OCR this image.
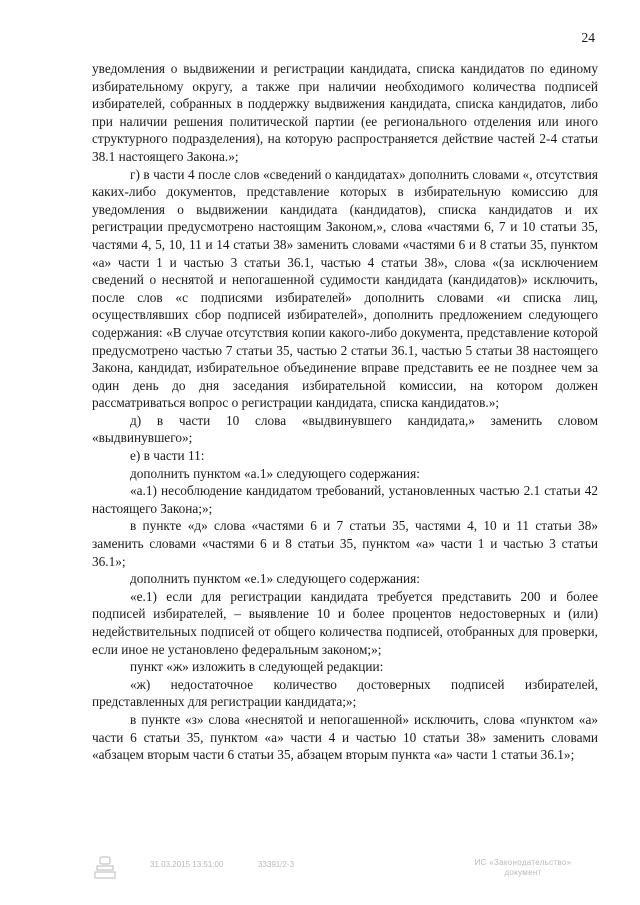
24

уведомления о выдвижении и регистрации кандидата, списка кандидатов по единому избирательному округу, а также при наличии необходимого количества подписей избирателей, собранных в поддержку выдвижения кандидата, списка кандидатов, либо при наличии решения политической партии (ее регионального отделения или иного структурного подразделения), на которую распространяется действие частей 2-4 статьи 38.1 настоящего Закона.»;

г) в части 4 после слов «сведений о кандидатах» дополнить словами «, отсутствия каких-либо документов, представление которых в избирательную комиссию для уведомления о выдвижении кандидата (кандидатов), списка кандидатов и их регистрации предусмотрено настоящим Законом,», слова «частями 6, 7 и 10 статьи 35, частями 4, 5, 10, 11 и 14 статьи 38» заменить словами «частями 6 и 8 статьи 35, пунктом «а» части 1 и частью 3 статьи 36.1, частью 4 статьи 38», слова «(за исключением сведений о неснятой и непогашенной судимости кандидата (кандидатов)» исключить, после слов «с подписями избирателей» дополнить словами «и списка лиц, осуществлявших сбор подписей избирателей», дополнить предложением следующего содержания: «В случае отсутствия копии какого-либо документа, представление которой предусмотрено частью 7 статьи 35, частью 2 статьи 36.1, частью 5 статьи 38 настоящего Закона, кандидат, избирательное объединение вправе представить ее не позднее чем за один день до дня заседания избирательной комиссии, на котором должен рассматриваться вопрос о регистрации кандидата, списка кандидатов.»;

д) в части 10 слова «выдвинувшего кандидата,» заменить словом «выдвинувшего»;

е) в части 11:

дополнить пунктом «а.1» следующего содержания:

«а.1) несоблюдение кандидатом требований, установленных частью 2.1 статьи 42 настоящего Закона;»;

в пункте «д» слова «частями 6 и 7 статьи 35, частями 4, 10 и 11 статьи 38» заменить словами «частями 6 и 8 статьи 35, пунктом «а» части 1 и частью 3 статьи 36.1»;

дополнить пунктом «е.1» следующего содержания:

«е.1) если для регистрации кандидата требуется представить 200 и более подписей избирателей, – выявление 10 и более процентов недостоверных и (или) недействительных подписей от общего количества подписей, отобранных для проверки, если иное не установлено федеральным законом;»;

пункт «ж» изложить в следующей редакции:

«ж) недостаточное количество достоверных подписей избирателей, представленных для регистрации кандидата;»;

в пункте «з» слова «неснятой и непогашенной» исключить, слова «пунктом «а» части 6 статьи 35, пунктом «а» части 4 и частью 10 статьи 38» заменить словами «абзацем вторым части 6 статьи 35, абзацем вторым пункта «а» части 1 статьи 36.1»;

31.03.2015 13:51:00	33391/2-3	ИС «Законодательство»
документ
